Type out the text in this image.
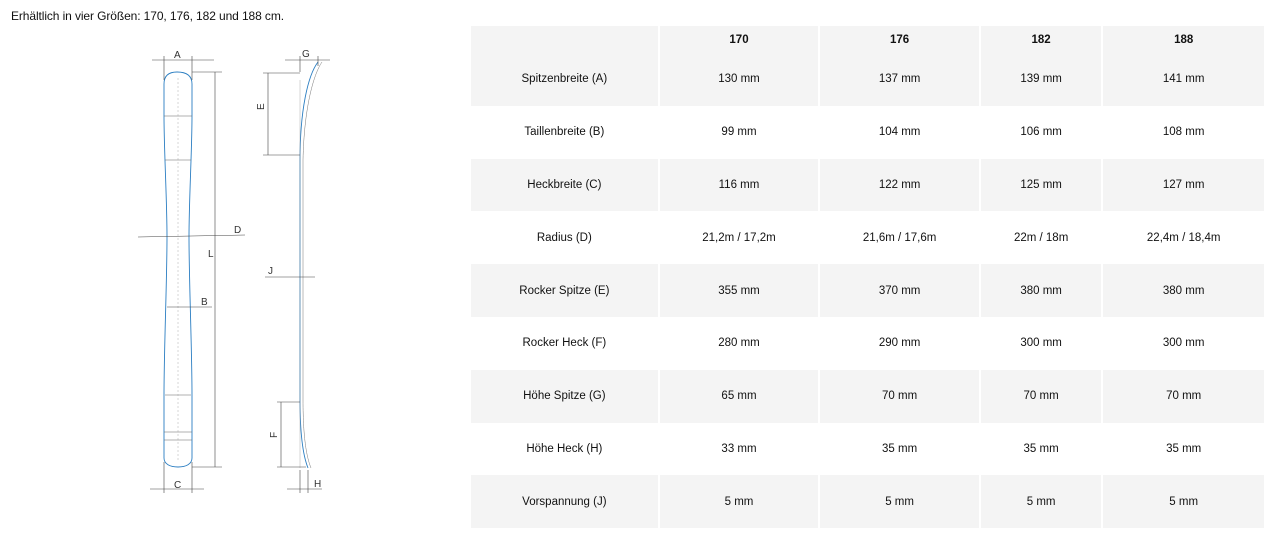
Erhältlich in vier Größen: 170, 176, 182 und 188 cm.
A
L
D
B
C
G
E
J
F
H
	170	176	182	188
Spitzenbreite (A)	130 mm	137 mm	139 mm	141 mm
Taillenbreite (B)	99 mm	104 mm	106 mm	108 mm
Heckbreite (C)	116 mm	122 mm	125 mm	127 mm
Radius (D)	21,2m / 17,2m	21,6m / 17,6m	22m / 18m	22,4m / 18,4m
Rocker Spitze (E)	355 mm	370 mm	380 mm	380 mm
Rocker Heck (F)	280 mm	290 mm	300 mm	300 mm
Höhe Spitze (G)	65 mm	70 mm	70 mm	70 mm
Höhe Heck (H)	33 mm	35 mm	35 mm	35 mm
Vorspannung (J)	5 mm	5 mm	5 mm	5 mm
